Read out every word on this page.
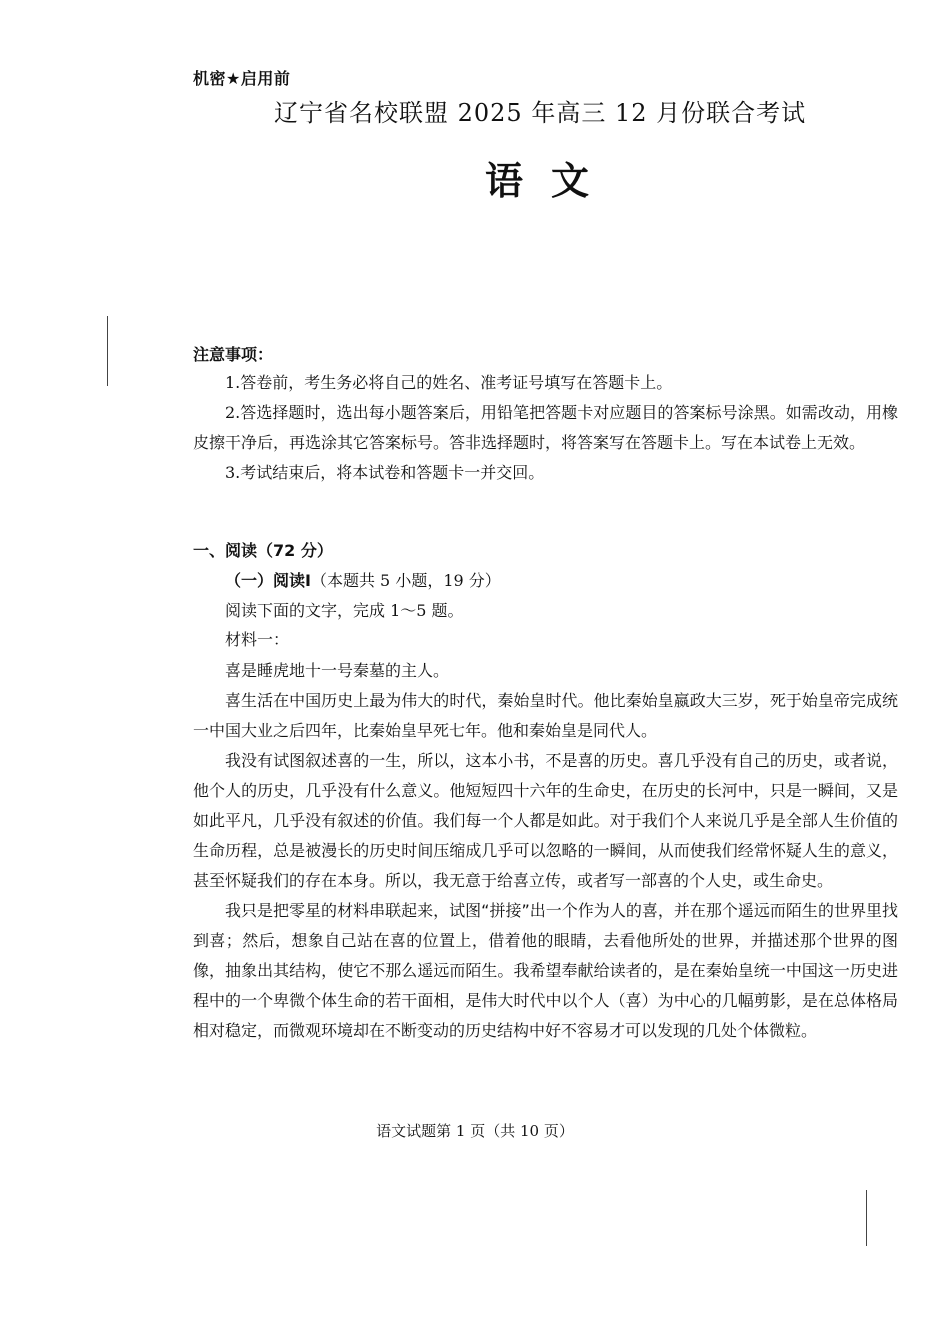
机密★启用前
辽宁省名校联盟 2025 年高三 12 月份联合考试
语文
注意事项：

1.答卷前，考生务必将自己的姓名、准考证号填写在答题卡上。

2.答选择题时，选出每小题答案后，用铅笔把答题卡对应题目的答案标号涂黑。如需改动，用橡皮擦干净后，再选涂其它答案标号。答非选择题时，将答案写在答题卡上。写在本试卷上无效。

3.考试结束后，将本试卷和答题卡一并交回。

一、阅读（72 分）
（一）阅读Ⅰ（本题共 5 小题，19 分）
阅读下面的文字，完成 1～5 题。
材料一：

喜是睡虎地十一号秦墓的主人。

喜生活在中国历史上最为伟大的时代，秦始皇时代。他比秦始皇嬴政大三岁，死于始皇帝完成统一中国大业之后四年，比秦始皇早死七年。他和秦始皇是同代人。

我没有试图叙述喜的一生，所以，这本小书，不是喜的历史。喜几乎没有自己的历史，或者说，他个人的历史，几乎没有什么意义。他短短四十六年的生命史，在历史的长河中，只是一瞬间，又是如此平凡，几乎没有叙述的价值。我们每一个人都是如此。对于我们个人来说几乎是全部人生价值的生命历程，总是被漫长的历史时间压缩成几乎可以忽略的一瞬间，从而使我们经常怀疑人生的意义，甚至怀疑我们的存在本身。所以，我无意于给喜立传，或者写一部喜的个人史，或生命史。

我只是把零星的材料串联起来，试图“拼接”出一个作为人的喜，并在那个遥远而陌生的世界里找到喜；然后，想象自己站在喜的位置上，借着他的眼睛，去看他所处的世界，并描述那个世界的图像，抽象出其结构，使它不那么遥远而陌生。我希望奉献给读者的，是在秦始皇统一中国这一历史进程中的一个卑微个体生命的若干面相，是伟大时代中以个人（喜）为中心的几幅剪影，是在总体格局相对稳定，而微观环境却在不断变动的历史结构中好不容易才可以发现的几处个体微粒。

语文试题第 1 页（共 10 页）
